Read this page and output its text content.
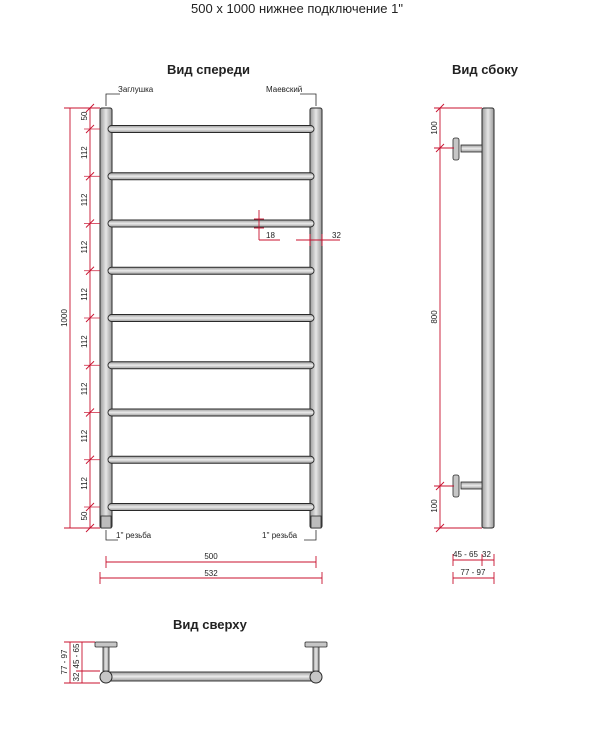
500 х 1000 нижнее подключение 1"
Вид спереди	Вид сбоку
Вид сверху
1000
50
50
112
112
112
112
112
112
112
112
Заглушка	Маевский
1'' резьба	1'' резьба
18	32
500
532
100
800
100
45 - 65 32
77 - 97
77 - 97
32
45 - 65
